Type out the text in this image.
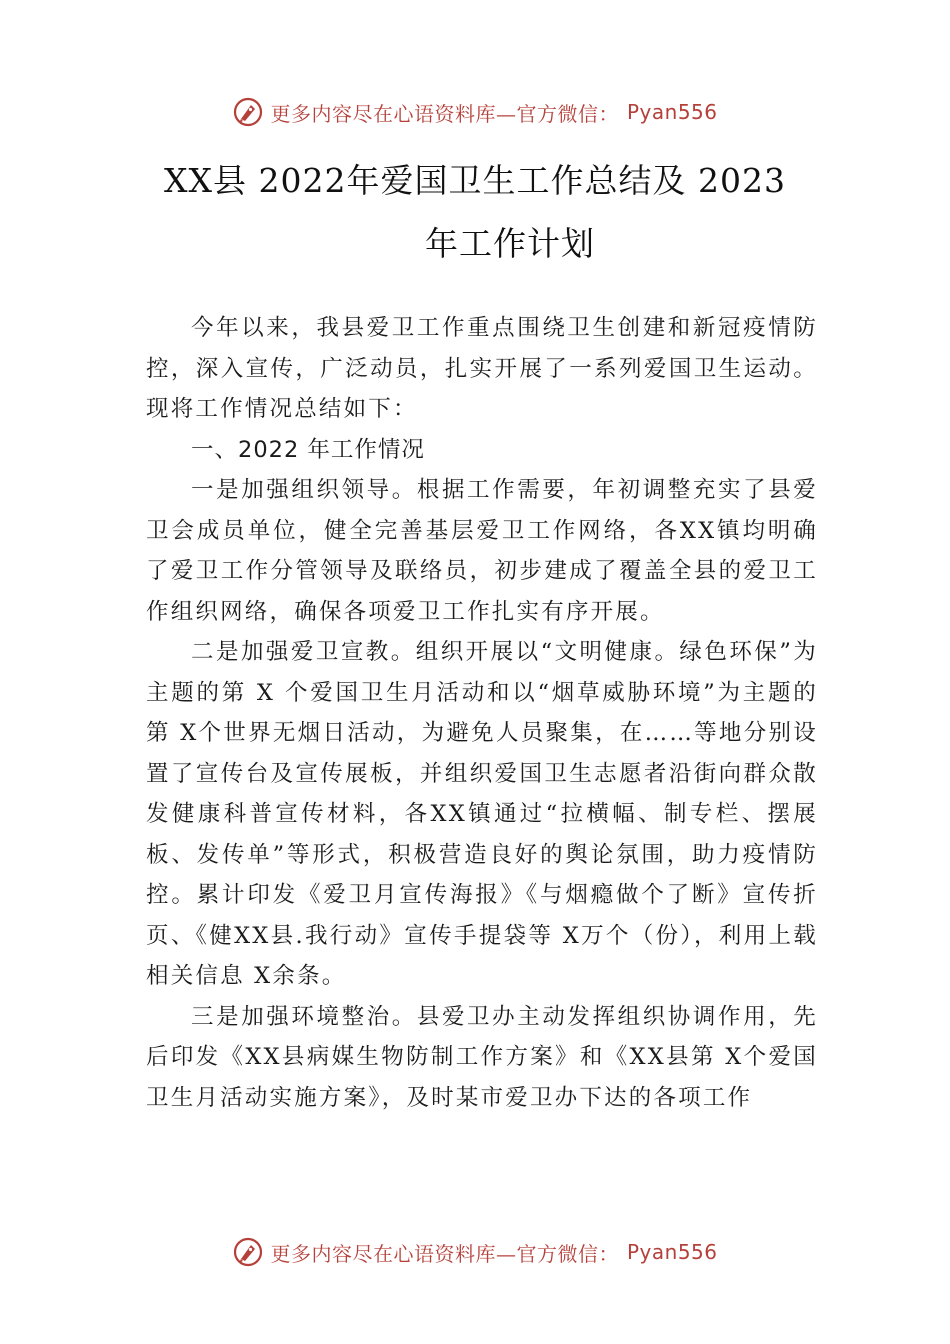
更多内容尽在心语资料库—官方微信： Pyan556
XX县 2022年爱国卫生工作总结及 2023
年工作计划

今年以来，我县爱卫工作重点围绕卫生创建和新冠疫情防控，深入宣传，广泛动员，扎实开展了一系列爱国卫生运动。现将工作情况总结如下：

一、2022 年工作情况

一是加强组织领导。根据工作需要，年初调整充实了县爱卫会成员单位，健全完善基层爱卫工作网络，各XX镇均明确了爱卫工作分管领导及联络员，初步建成了覆盖全县的爱卫工作组织网络，确保各项爱卫工作扎实有序开展。

二是加强爱卫宣教。组织开展以“文明健康。绿色环保”为主题的第 X 个爱国卫生月活动和以“烟草威胁环境”为主题的第 X个世界无烟日活动，为避免人员聚集，在……等地分别设置了宣传台及宣传展板，并组织爱国卫生志愿者沿街向群众散发健康科普宣传材料，各XX镇通过“拉横幅、制专栏、摆展板、发传单”等形式，积极营造良好的舆论氛围，助力疫情防控。累计印发《爱卫月宣传海报》《与烟瘾做个了断》宣传折页、《健XX县.我行动》宣传手提袋等 X万个（份），利用上载相关信息 X余条。

三是加强环境整治。县爱卫办主动发挥组织协调作用，先后印发《XX县病媒生物防制工作方案》和《XX县第 X个爱国卫生月活动实施方案》，及时某市爱卫办下达的各项工作

更多内容尽在心语资料库—官方微信： Pyan556
